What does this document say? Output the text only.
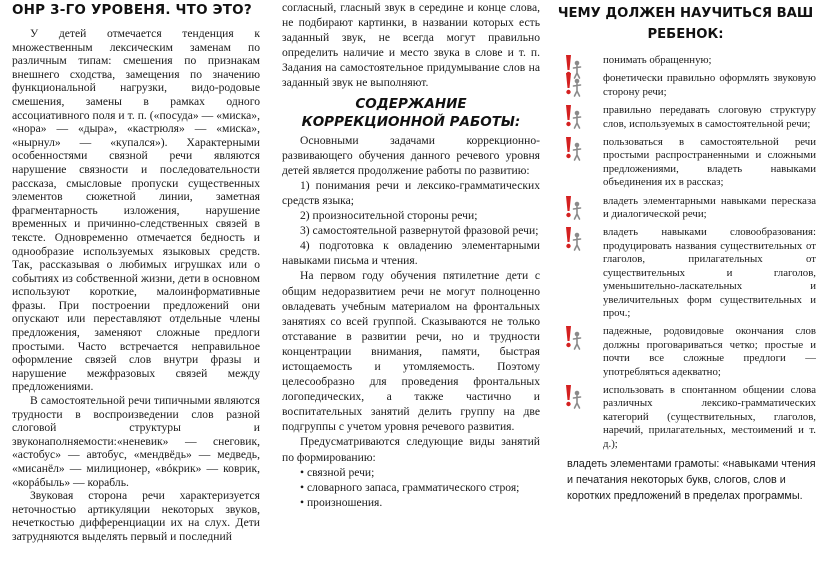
ОНР 3-ГО УРОВЕНЯ. ЧТО ЭТО?

У детей отмечается тенденция к множественным лексическим заменам по различным типам: смешения по признакам внешнего сходства, замещения по значению функциональной нагрузки, видо-родовые смешения, замены в рамках одного ассоциативного поля и т. п. («посуда» — «миска», «нора» — «дыра», «кастрюля» — «миска», «нырнул» — «купался»). Характерными особенностями связной речи являются нарушение связности и последовательности рассказа, смысловые пропуски существенных элементов сюжетной линии, заметная фрагментарность изложения, нарушение временных и причинно-следственных связей в тексте. Одновременно отмечается бедность и однообразие используемых языковых средств. Так, рассказывая о любимых игрушках или о событиях из собственной жизни, дети в основном используют короткие, малоинформативные фразы. При построении предложений они опускают или переставляют отдельные члены предложения, заменяют сложные предлоги простыми. Часто встречается неправильное оформление связей слов внутри фразы и нарушение межфразовых связей между предложениями.

В самостоятельной речи типичными являются трудности в воспроизведении слов разной слоговой структуры и звуконаполняемости:«неневик» — снеговик, «астобус» — автобус, «мендвёдь» — медведь, «мисанёл» — милиционер, «вóкрик» — коврик, «корáбыль» — корабль.

Звуковая сторона речи характеризуется неточностью артикуляции некоторых звуков, нечеткостью дифференциации их на слух. Дети затрудняются выделять первый и последний

согласный, гласный звук в середине и конце слова, не подбирают картинки, в названии которых есть заданный звук, не всегда могут правильно определить наличие и место звука в слове и т. п. Задания на самостоятельное придумывание слов на заданный звук не выполняют.

СОДЕРЖАНИЕ КОРРЕКЦИОННОЙ РАБОТЫ:

Основными задачами коррекционно-развивающего обучения данного речевого уровня детей является продолжение работы по развитию:

1) понимания речи и лексико-грамматических средств языка;

2) произносительной стороны речи;

3) самостоятельной развернутой фразовой речи;

4) подготовка к овладению элементарными навыками письма и чтения.

На первом году обучения пятилетние дети с общим недоразвитием речи не могут полноценно овладевать учебным материалом на фронтальных занятиях со всей группой. Сказываются не только отставание в развитии речи, но и трудности концентрации внимания, памяти, быстрая истощаемость и утомляемость. Поэтому целесообразно для проведения фронтальных логопедических, а также частично и воспитательных занятий делить группу на две подгруппы с учетом уровня речевого развития.

Предусматриваются следующие виды занятий по формированию:

• связной речи;

• словарного запаса, грамматического строя;

• произношения.

ЧЕМУ ДОЛЖЕН НАУЧИТЬСЯ ВАШ РЕБЕНОК:

понимать обращенную;

фонетически правильно оформлять звуковую сторону речи;

правильно передавать слоговую структуру слов, используемых в самостоятельной речи;

пользоваться в самостоятельной речи простыми распространенными и сложными предложениями, владеть навыками объединения их в рассказ;

владеть элементарными навыками пересказа и диалогической речи;

владеть навыками словообразования: продуцировать названия существительных от глаголов, прилагательных от существительных и глаголов, уменьшительно-ласкательных и увеличительных форм существительных и проч.;

падежные, родовидовые окончания слов должны проговариваться четко; простые и почти все сложные предлоги — употребляться адекватно;

использовать в спонтанном общении слова различных лексико-грамматических категорий (существительных, глаголов, наречий, прилагательных, местоимений и т. д.);

владеть элементами грамоты: «навыками чтения и печатания некоторых букв, слогов, слов и коротких предложений в пределах программы.
